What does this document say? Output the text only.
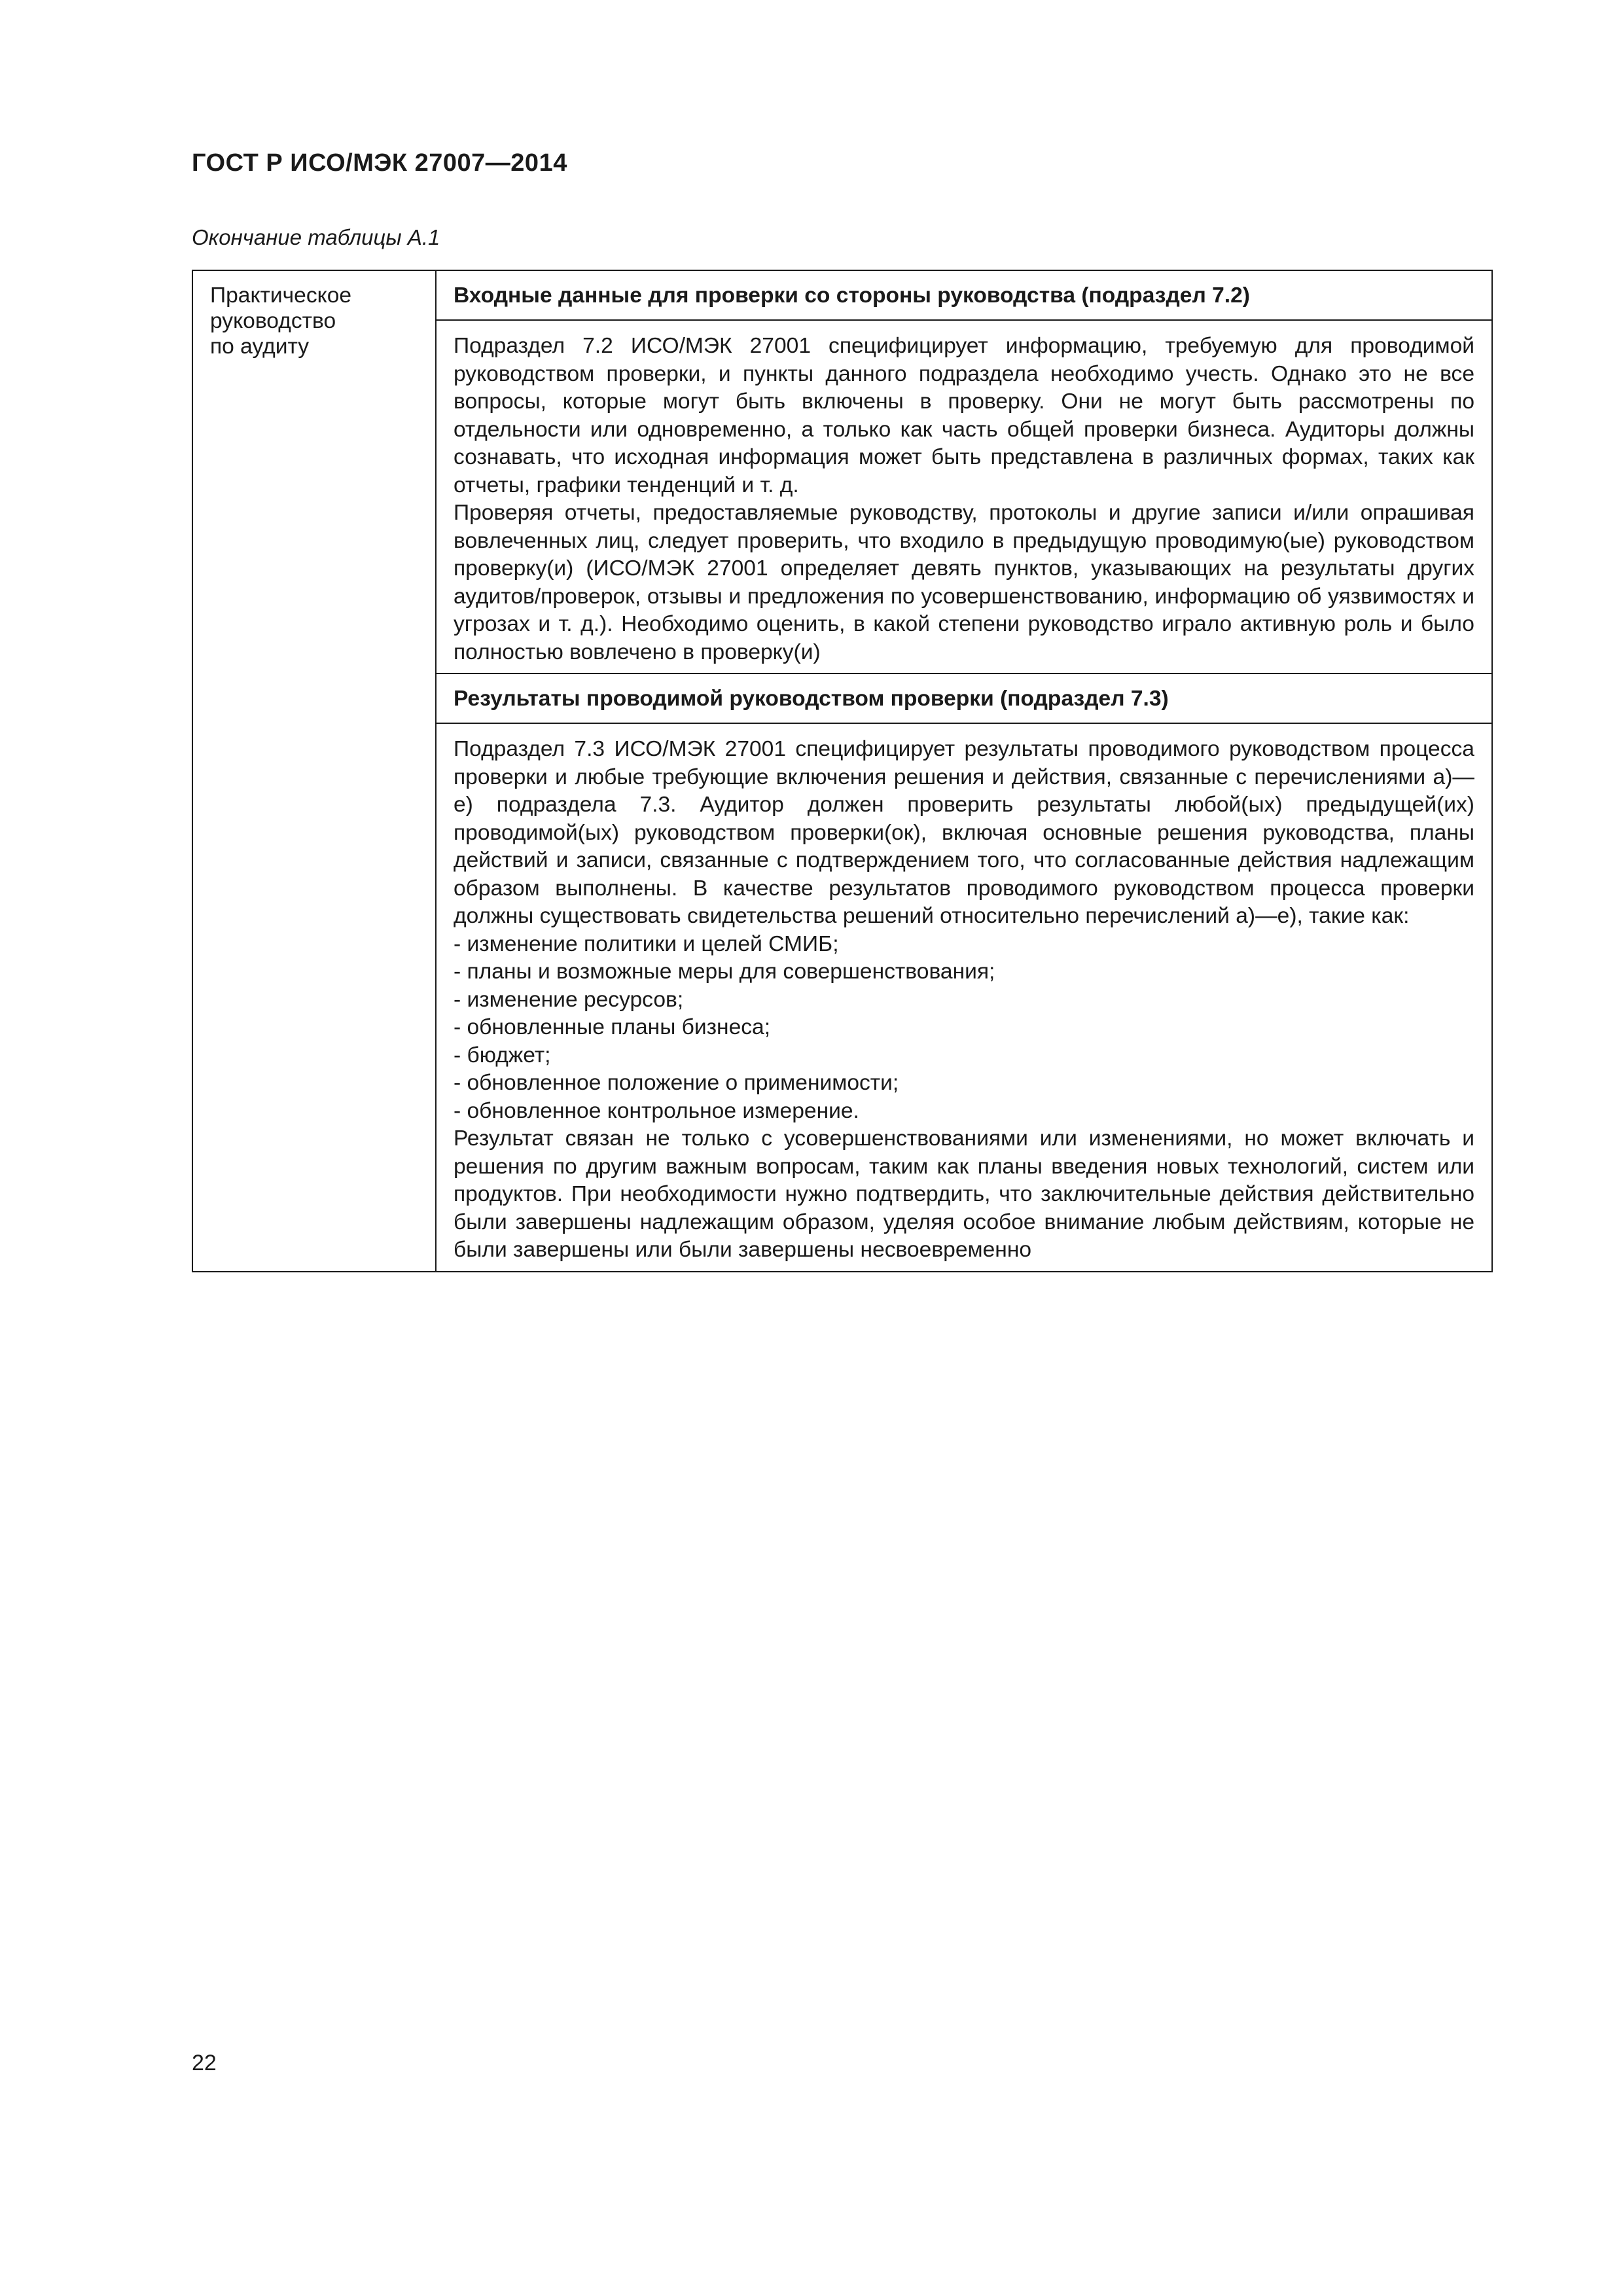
ГОСТ Р ИСО/МЭК 27007—2014
Окончание таблицы А.1
Практическое
руководство
по аудиту
	Входные данные для проверки со стороны руководства (подраздел 7.2)

Подраздел 7.2 ИСО/МЭК 27001 специфицирует информацию, требуемую для проводимой руководством проверки, и пункты данного подраздела необходимо учесть. Однако это не все вопросы, которые могут быть включены в проверку. Они не могут быть рассмотрены по отдельности или одновременно, а только как часть общей проверки бизнеса. Аудиторы должны сознавать, что исходная информация может быть представлена в различных формах, таких как отчеты, графики тенденций и т. д.
Проверяя отчеты, предоставляемые руководству, протоколы и другие записи и/или опрашивая вовлеченных лиц, следует проверить, что входило в предыдущую проводимую(ые) руководством проверку(и) (ИСО/МЭК 27001 определяет девять пунктов, указывающих на результаты других аудитов/проверок, отзывы и предложения по усовершенствованию, информацию об уязвимостях и угрозах и т. д.). Необходимо оценить, в какой степени руководство играло активную роль и было полностью вовлечено в проверку(и)

Результаты проводимой руководством проверки (подраздел 7.3)

Подраздел 7.3 ИСО/МЭК 27001 специфицирует результаты проводимого руководством процесса проверки и любые требующие включения решения и действия, связанные с перечислениями а)—е) подраздела 7.3. Аудитор должен проверить результаты любой(ых) предыдущей(их) проводимой(ых) руководством проверки(ок), включая основные решения руководства, планы действий и записи, связанные с подтверждением того, что согласованные действия надлежащим образом выполнены. В качестве результатов проводимого руководством процесса проверки должны существовать свидетельства решений относительно перечислений а)—е), такие как:
- изменение политики и целей СМИБ;
- планы и возможные меры для совершенствования;
- изменение ресурсов;
- обновленные планы бизнеса;
- бюджет;
- обновленное положение о применимости;
- обновленное контрольное измерение.
Результат связан не только с усовершенствованиями или изменениями, но может включать и решения по другим важным вопросам, таким как планы введения новых технологий, систем или продуктов. При необходимости нужно подтвердить, что заключительные действия действительно были завершены надлежащим образом, уделяя особое внимание любым действиям, которые не были завершены или были завершены несвоевременно
22
